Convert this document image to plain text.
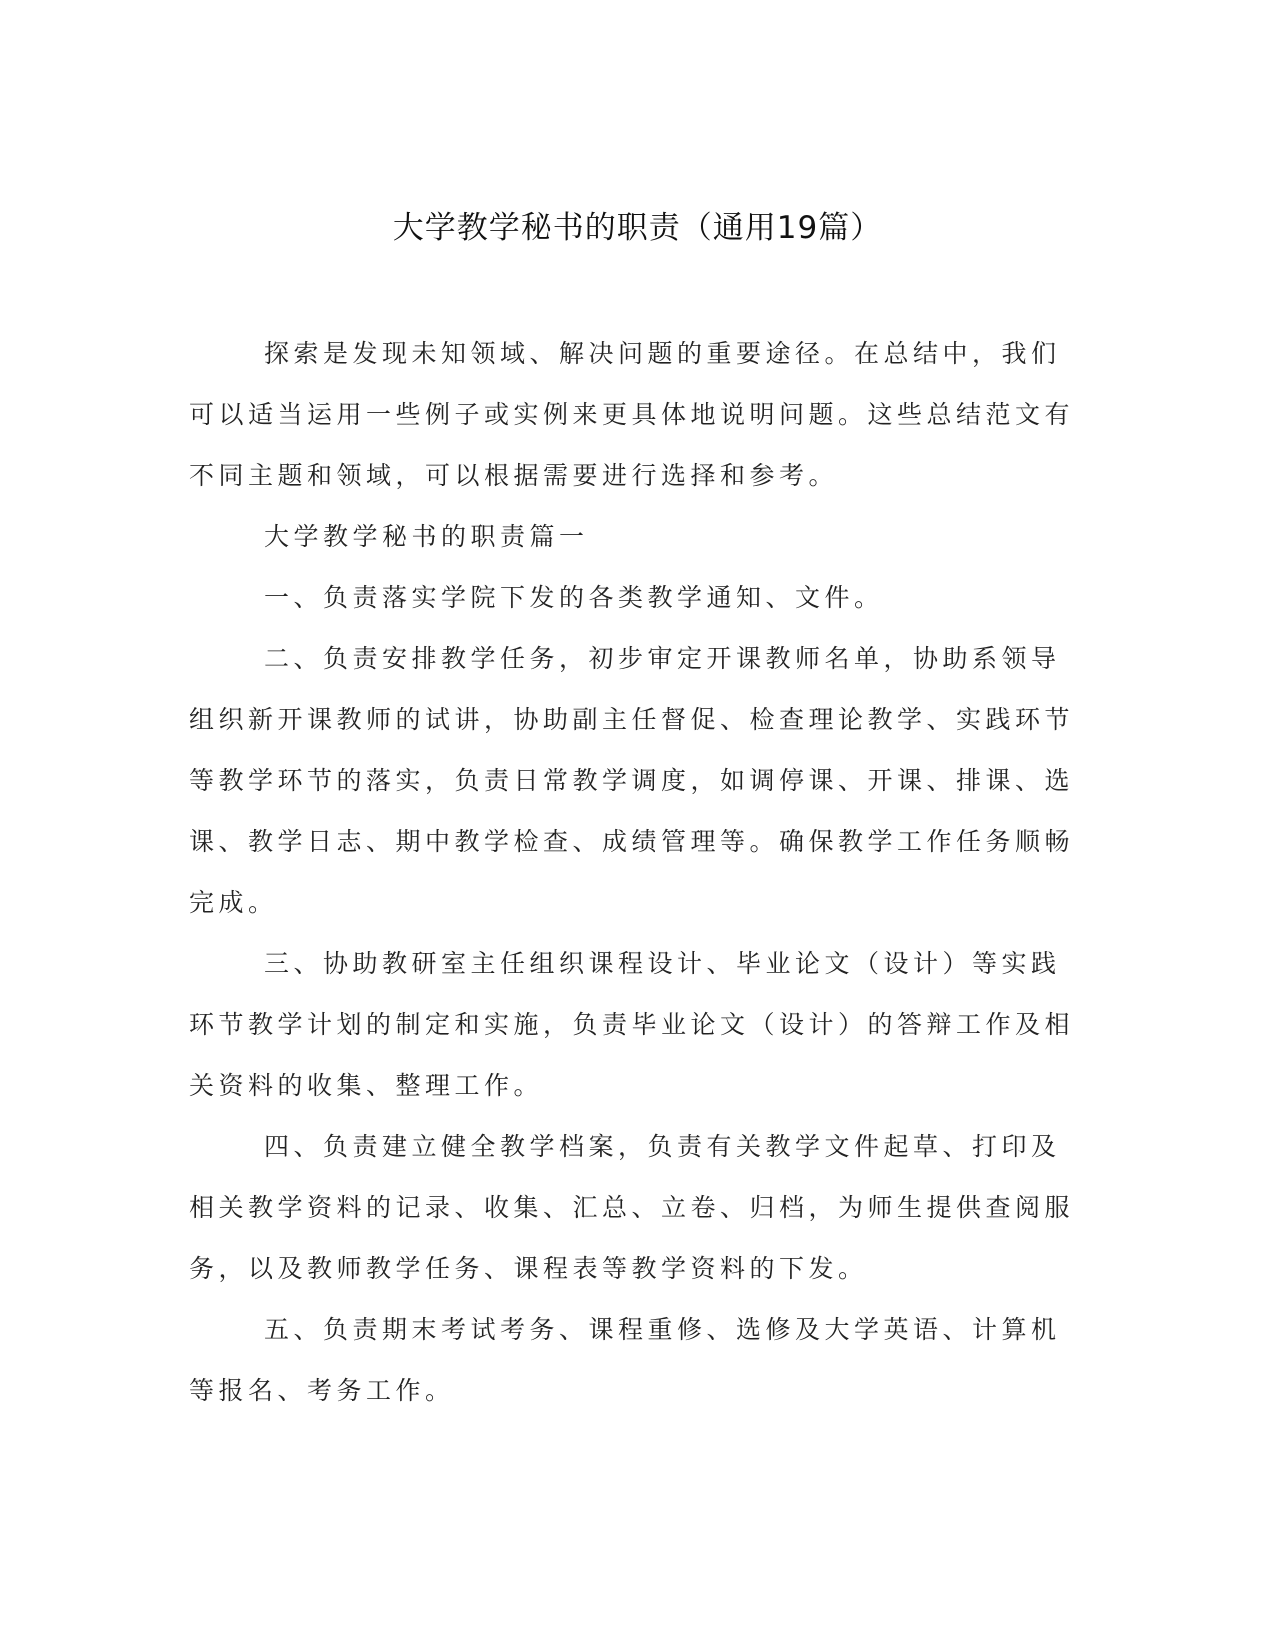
大学教学秘书的职责（通用19篇）

探索是发现未知领域、解决问题的重要途径。在总结中，我们可以适当运用一些例子或实例来更具体地说明问题。这些总结范文有不同主题和领域，可以根据需要进行选择和参考。

大学教学秘书的职责篇一

一、负责落实学院下发的各类教学通知、文件。

二、负责安排教学任务，初步审定开课教师名单，协助系领导组织新开课教师的试讲，协助副主任督促、检查理论教学、实践环节等教学环节的落实，负责日常教学调度，如调停课、开课、排课、选课、教学日志、期中教学检查、成绩管理等。确保教学工作任务顺畅完成。

三、协助教研室主任组织课程设计、毕业论文（设计）等实践环节教学计划的制定和实施，负责毕业论文（设计）的答辩工作及相关资料的收集、整理工作。

四、负责建立健全教学档案，负责有关教学文件起草、打印及相关教学资料的记录、收集、汇总、立卷、归档，为师生提供查阅服务，以及教师教学任务、课程表等教学资料的下发。

五、负责期末考试考务、课程重修、选修及大学英语、计算机等报名、考务工作。
